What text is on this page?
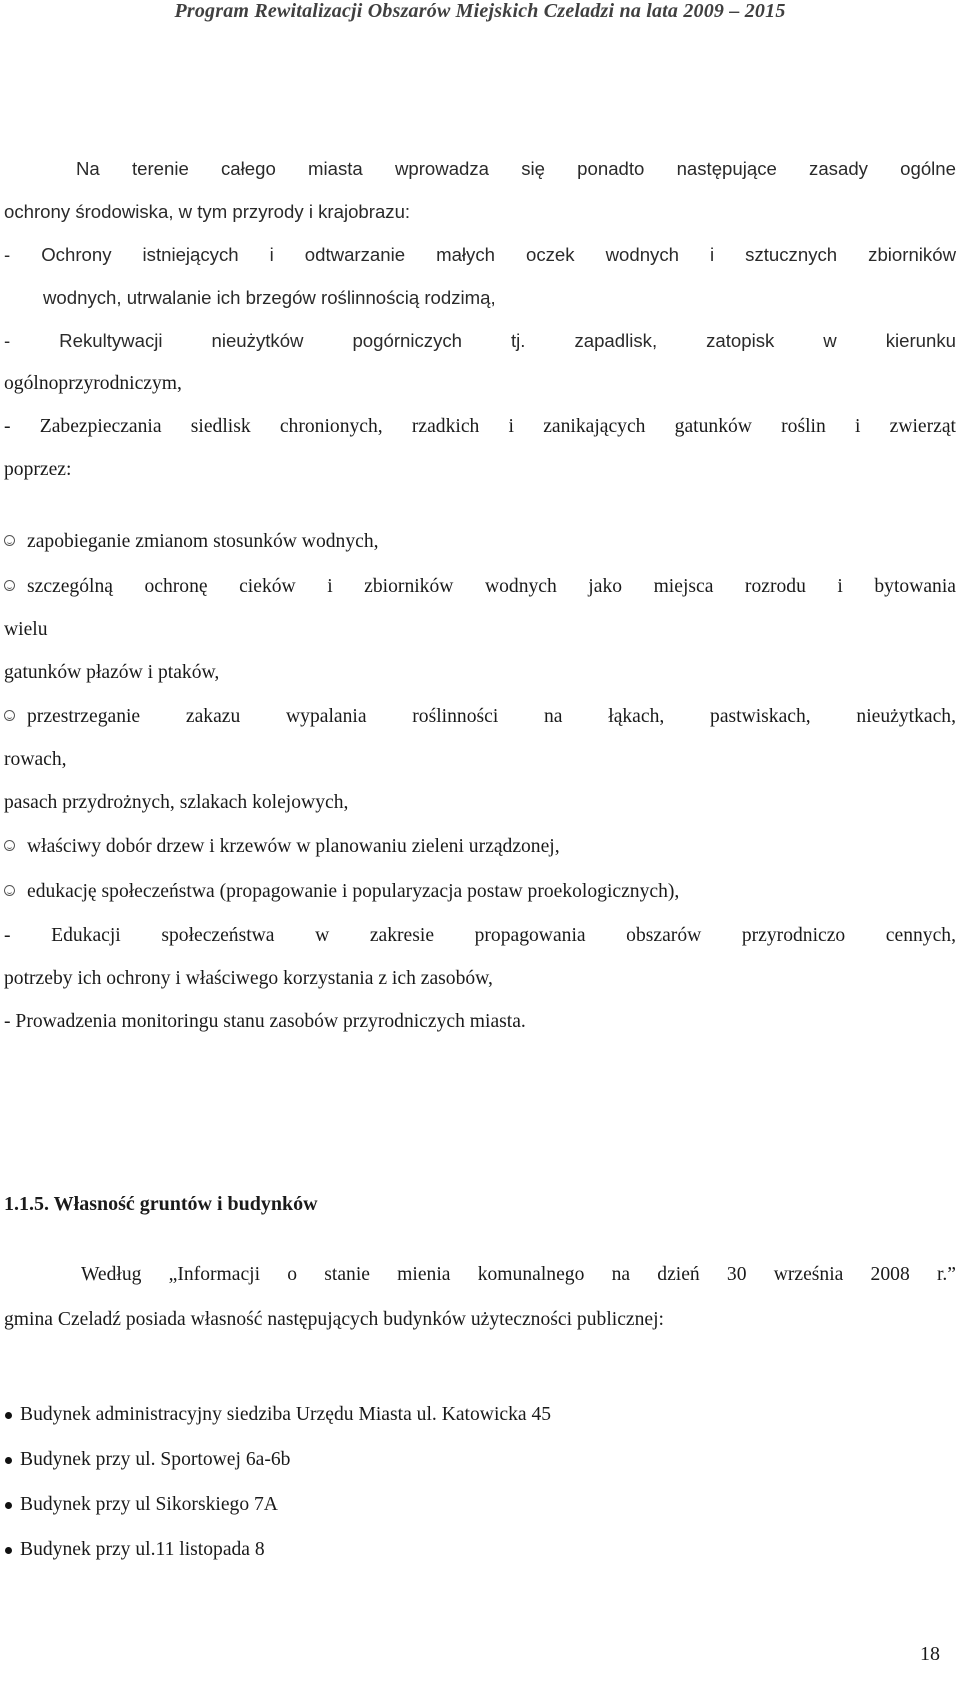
Program Rewitalizacji Obszarów Miejskich Czeladzi na lata 2009 – 2015
Na terenie całego miasta wprowadza się ponadto następujące zasady ogólne
ochrony środowiska, w tym przyrody i krajobrazu:
- Ochrony istniejących i odtwarzanie małych oczek wodnych i sztucznych zbiorników
wodnych, utrwalanie ich brzegów roślinnością rodzimą,
- Rekultywacji nieużytków pogórniczych tj. zapadlisk, zatopisk w kierunku
ogólnoprzyrodniczym,
- Zabezpieczania siedlisk chronionych, rzadkich i zanikających gatunków roślin i zwierząt
poprzez:
zapobieganie zmianom stosunków wodnych,
szczególną ochronę cieków i zbiorników wodnych jako miejsca rozrodu i bytowania
wielu
gatunków płazów i ptaków,
przestrzeganie zakazu wypalania roślinności na łąkach, pastwiskach, nieużytkach,
rowach,
pasach przydrożnych, szlakach kolejowych,
właściwy dobór drzew i krzewów w planowaniu zieleni urządzonej,
edukację społeczeństwa (propagowanie i popularyzacja postaw proekologicznych),
- Edukacji społeczeństwa w zakresie propagowania obszarów przyrodniczo cennych,
potrzeby ich ochrony i właściwego korzystania z ich zasobów,
- Prowadzenia monitoringu stanu zasobów przyrodniczych miasta.
1.1.5. Własność gruntów i budynków
Według „Informacji o stanie mienia komunalnego na dzień 30 września 2008 r.”
gmina Czeladź posiada własność następujących budynków użyteczności publicznej:
Budynek administracyjny siedziba Urzędu Miasta ul. Katowicka 45
Budynek przy ul. Sportowej 6a-6b
Budynek przy ul Sikorskiego 7A
Budynek przy ul.11 listopada 8
18
